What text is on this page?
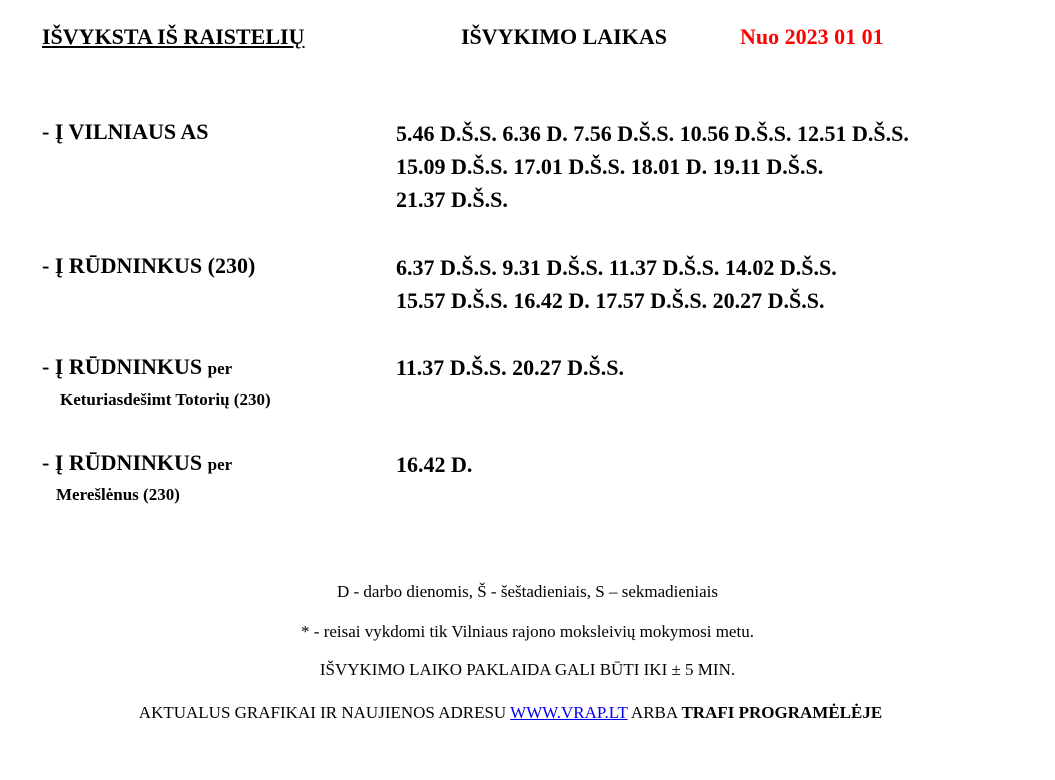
IŠVYKSTA IŠ RAISTELIŲ	IŠVYKIMO LAIKAS	Nuo 2023 01 01
- Į VILNIAUS AS	5.46 D.Š.S. 6.36 D. 7.56 D.Š.S. 10.56 D.Š.S. 12.51 D.Š.S.
15.09 D.Š.S. 17.01 D.Š.S. 18.01 D. 19.11 D.Š.S.
21.37 D.Š.S.
- Į RŪDNINKUS (230)	6.37 D.Š.S. 9.31 D.Š.S. 11.37 D.Š.S. 14.02 D.Š.S.
15.57 D.Š.S. 16.42 D. 17.57 D.Š.S. 20.27 D.Š.S.
- Į RŪDNINKUS per
Keturiasdešimt Totorių (230)
11.37 D.Š.S. 20.27 D.Š.S.
- Į RŪDNINKUS per
Merešlėnus (230)
16.42 D.
D - darbo dienomis, Š - šeštadieniais, S – sekmadieniais
* - reisai vykdomi tik Vilniaus rajono moksleivių mokymosi metu.
IŠVYKIMO LAIKO PAKLAIDA GALI BŪTI IKI ± 5 MIN.
AKTUALUS GRAFIKAI IR NAUJIENOS ADRESU WWW.VRAP.LT ARBA TRAFI PROGRAMĖLĖJE
